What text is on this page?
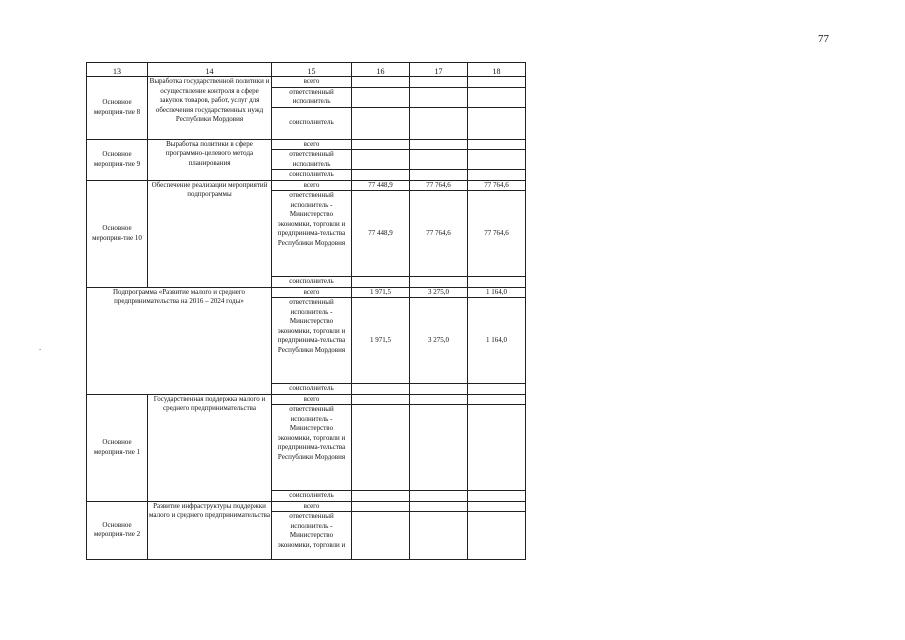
77
-
13	14	15	16	17	18
Основное мероприя-тие 8	Выработка государственной политики и осуществление контроля в сфере закупок товаров, работ, услуг для обеспечения государственных нужд Республики Мордовия	всего			
		ответственный исполнитель			
		соисполнитель			
Основное мероприя-тие 9	Выработка политики в сфере программно-целевого метода планирования	всего			
		ответственный исполнитель			
		соисполнитель			
Основное мероприя-тие 10	Обеспечение реализации мероприятий подпрограммы	всего	77 448,9	77 764,6	77 764,6
		ответственный исполнитель - Министерство экономики, торговли и предпринима-тельства Республики Мордовия	77 448,9	77 764,6	77 764,6
		соисполнитель			
Подпрограмма «Развитие малого и среднего предпринимательства на 2016 – 2024 годы»		всего	1 971,5	3 275,0	1 164,0
		ответственный исполнитель - Министерство экономики, торговли и предпринима-тельства Республики Мордовия	1 971,5	3 275,0	1 164,0
		соисполнитель			
Основное мероприя-тие 1	Государственная поддержка малого и среднего предпринимательства	всего			
		ответственный исполнитель - Министерство экономики, торговли и предпринима-тельства Республики Мордовия			
		соисполнитель			
Основное мероприя-тие 2	Развитие инфраструктуры поддержки малого и среднего предпринимательства	всего			
		ответственный исполнитель - Министерство экономики, торговли и			
